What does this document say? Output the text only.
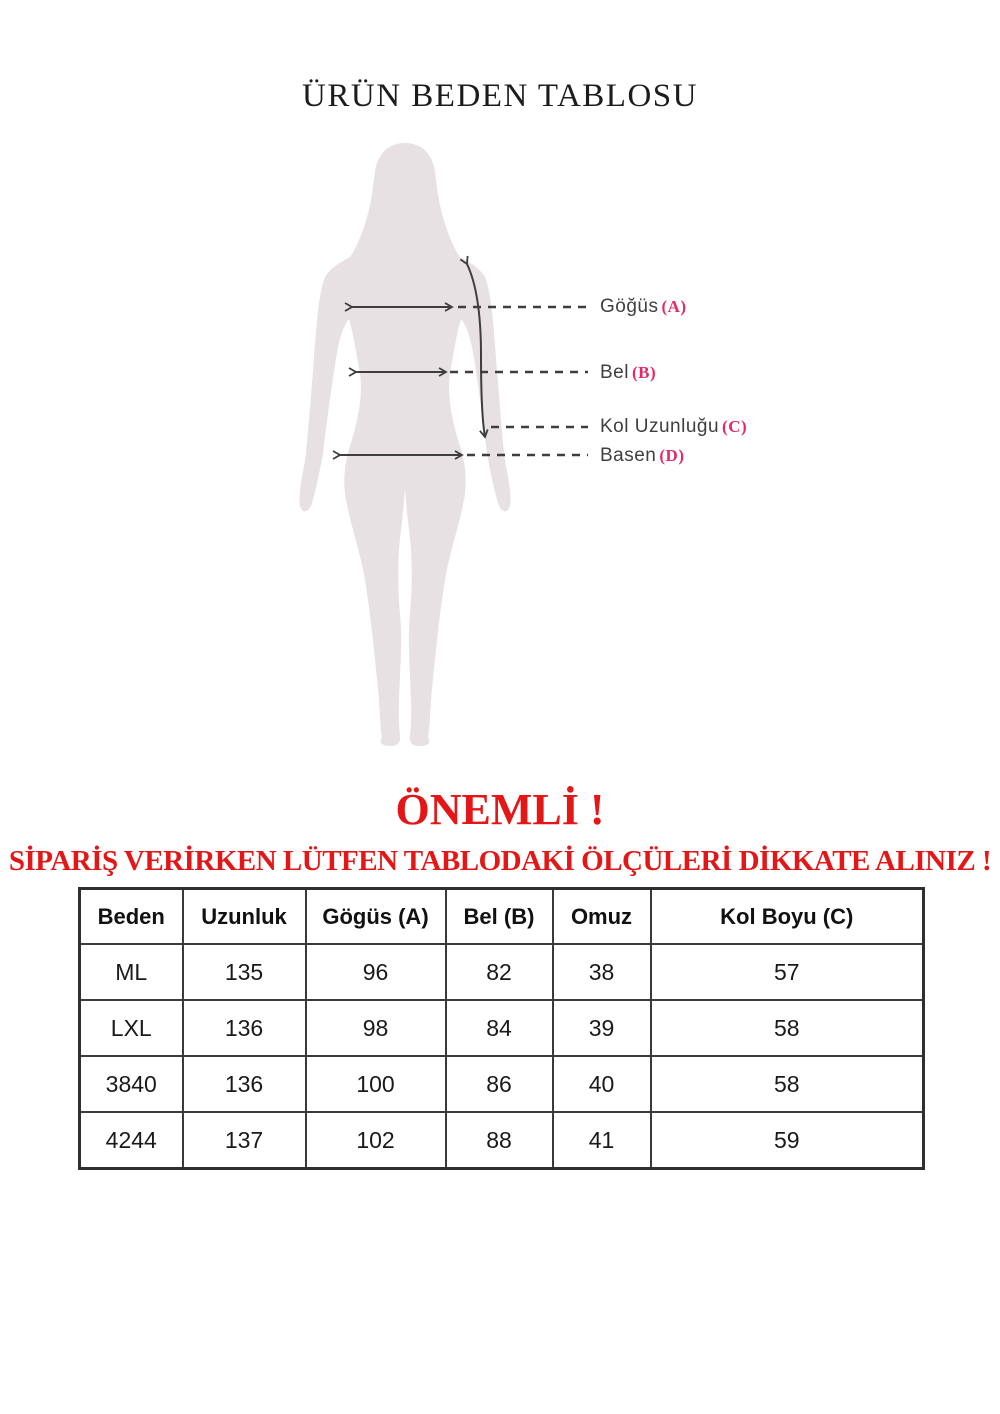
ÜRÜN BEDEN TABLOSU
Göğüs (A)
Bel (B)
Kol Uzunluğu (C)
Basen (D)
ÖNEMLİ !
SİPARİŞ VERİRKEN LÜTFEN TABLODAKİ ÖLÇÜLERİ DİKKATE ALINIZ !
Beden	Uzunluk	Gögüs (A)	Bel (B)	Omuz	Kol Boyu (C)
ML	135	96	82	38	57
LXL	136	98	84	39	58
3840	136	100	86	40	58
4244	137	102	88	41	59
